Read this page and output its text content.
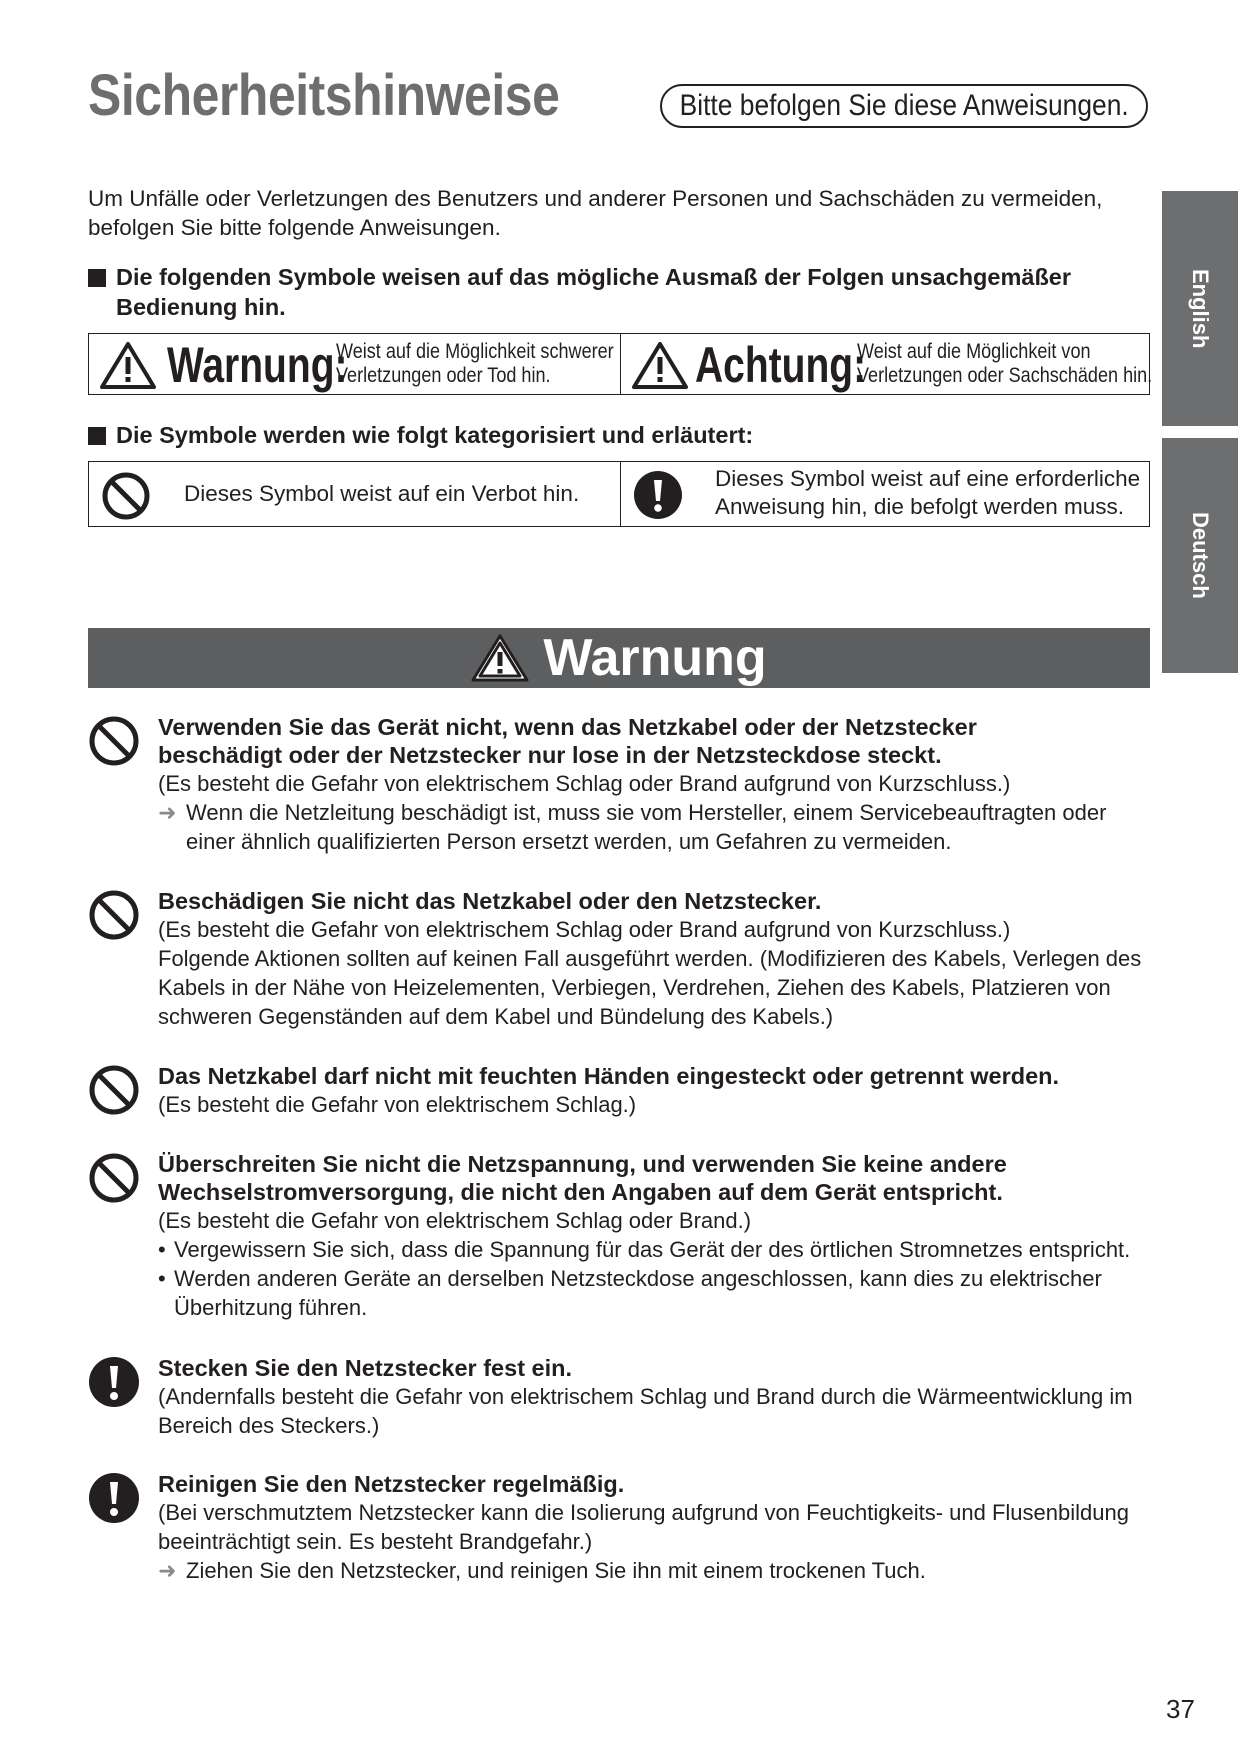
Sicherheitshinweise	Bitte befolgen Sie diese Anweisungen.
Um Unfälle oder Verletzungen des Benutzers und anderer Personen und Sachschäden zu vermeiden, befolgen Sie bitte folgende Anweisungen.
Die folgenden Symbole weisen auf das mögliche Ausmaß der Folgen unsachgemäßer Bedienung hin.
Warnung:
Weist auf die Möglichkeit schwerer
Verletzungen oder Tod hin.	Achtung:
Weist auf die Möglichkeit von
Verletzungen oder Sachschäden hin.
Die Symbole werden wie folgt kategorisiert und erläutert:
Dieses Symbol weist auf ein Verbot hin.
Dieses Symbol weist auf eine erforderliche
Anweisung hin, die befolgt werden muss.
Warnung
Verwenden Sie das Gerät nicht, wenn das Netzkabel oder der Netzstecker
beschädigt oder der Netzstecker nur lose in der Netzsteckdose steckt.
(Es besteht die Gefahr von elektrischem Schlag oder Brand aufgrund von Kurzschluss.)
➜ Wenn die Netzleitung beschädigt ist, muss sie vom Hersteller, einem Servicebeauftragten oder einer ähnlich qualifizierten Person ersetzt werden, um Gefahren zu vermeiden.
Beschädigen Sie nicht das Netzkabel oder den Netzstecker.
(Es besteht die Gefahr von elektrischem Schlag oder Brand aufgrund von Kurzschluss.)
Folgende Aktionen sollten auf keinen Fall ausgeführt werden. (Modifizieren des Kabels, Verlegen des Kabels in der Nähe von Heizelementen, Verbiegen, Verdrehen, Ziehen des Kabels, Platzieren von schweren Gegenständen auf dem Kabel und Bündelung des Kabels.)
Das Netzkabel darf nicht mit feuchten Händen eingesteckt oder getrennt werden.
(Es besteht die Gefahr von elektrischem Schlag.)
Überschreiten Sie nicht die Netzspannung, und verwenden Sie keine andere
Wechselstromversorgung, die nicht den Angaben auf dem Gerät entspricht.
(Es besteht die Gefahr von elektrischem Schlag oder Brand.)
• Vergewissern Sie sich, dass die Spannung für das Gerät der des örtlichen Stromnetzes entspricht.
• Werden anderen Geräte an derselben Netzsteckdose angeschlossen, kann dies zu elektrischer Überhitzung führen.
Stecken Sie den Netzstecker fest ein.
(Andernfalls besteht die Gefahr von elektrischem Schlag und Brand durch die Wärmeentwicklung im Bereich des Steckers.)
Reinigen Sie den Netzstecker regelmäßig.
(Bei verschmutztem Netzstecker kann die Isolierung aufgrund von Feuchtigkeits- und Flusenbildung beeinträchtigt sein. Es besteht Brandgefahr.)
➜ Ziehen Sie den Netzstecker, und reinigen Sie ihn mit einem trockenen Tuch.
English
Deutsch
37
